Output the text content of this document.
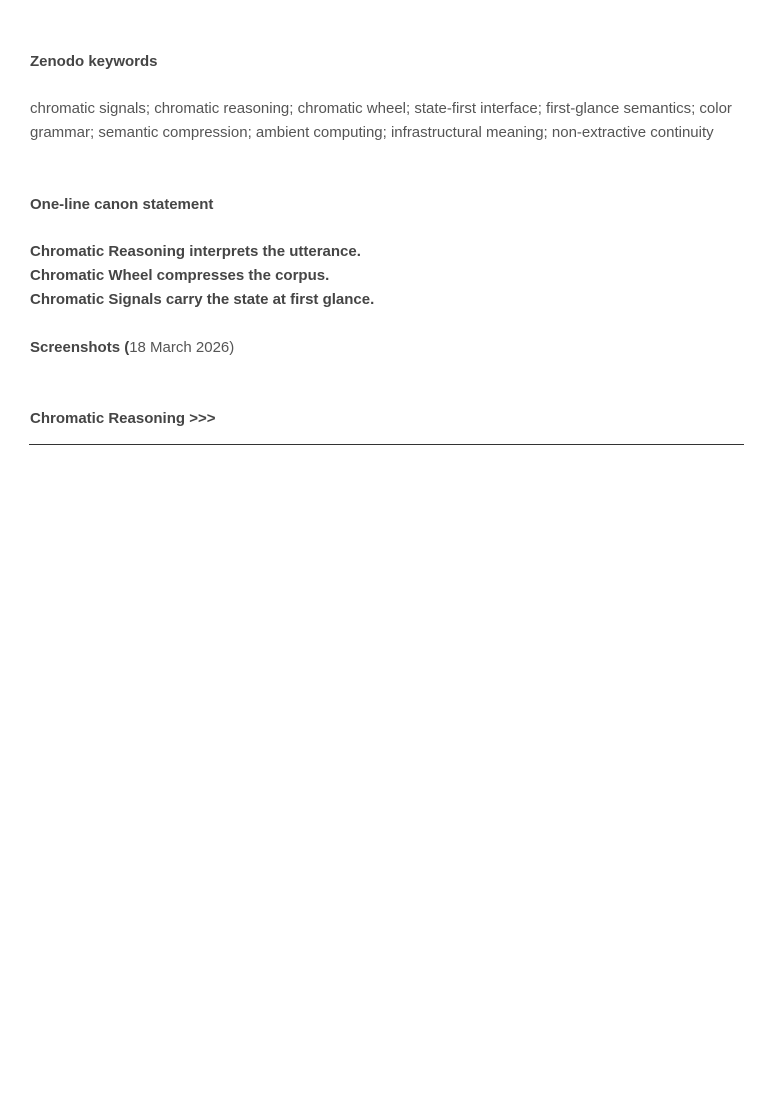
Zenodo keywords
chromatic signals; chromatic reasoning; chromatic wheel; state-first interface; first-glance semantics; color grammar; semantic compression; ambient computing; infrastructural meaning; non-extractive continuity
One-line canon statement
Chromatic Reasoning interprets the utterance.
Chromatic Wheel compresses the corpus.
Chromatic Signals carry the state at first glance.
Screenshots (18 March 2026)
Chromatic Reasoning >>>
